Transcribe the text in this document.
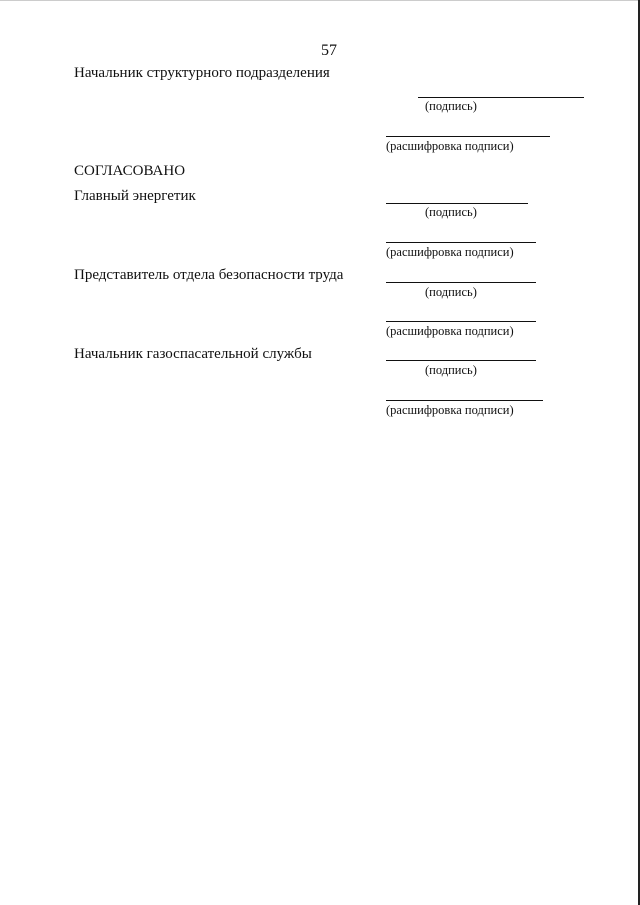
57
Начальник структурного подразделения
(подпись)
(расшифровка подписи)
СОГЛАСОВАНО
Главный энергетик
(подпись)
(расшифровка подписи)
Представитель отдела безопасности труда
(подпись)
(расшифровка подписи)
Начальник газоспасательной службы
(подпись)
(расшифровка подписи)
